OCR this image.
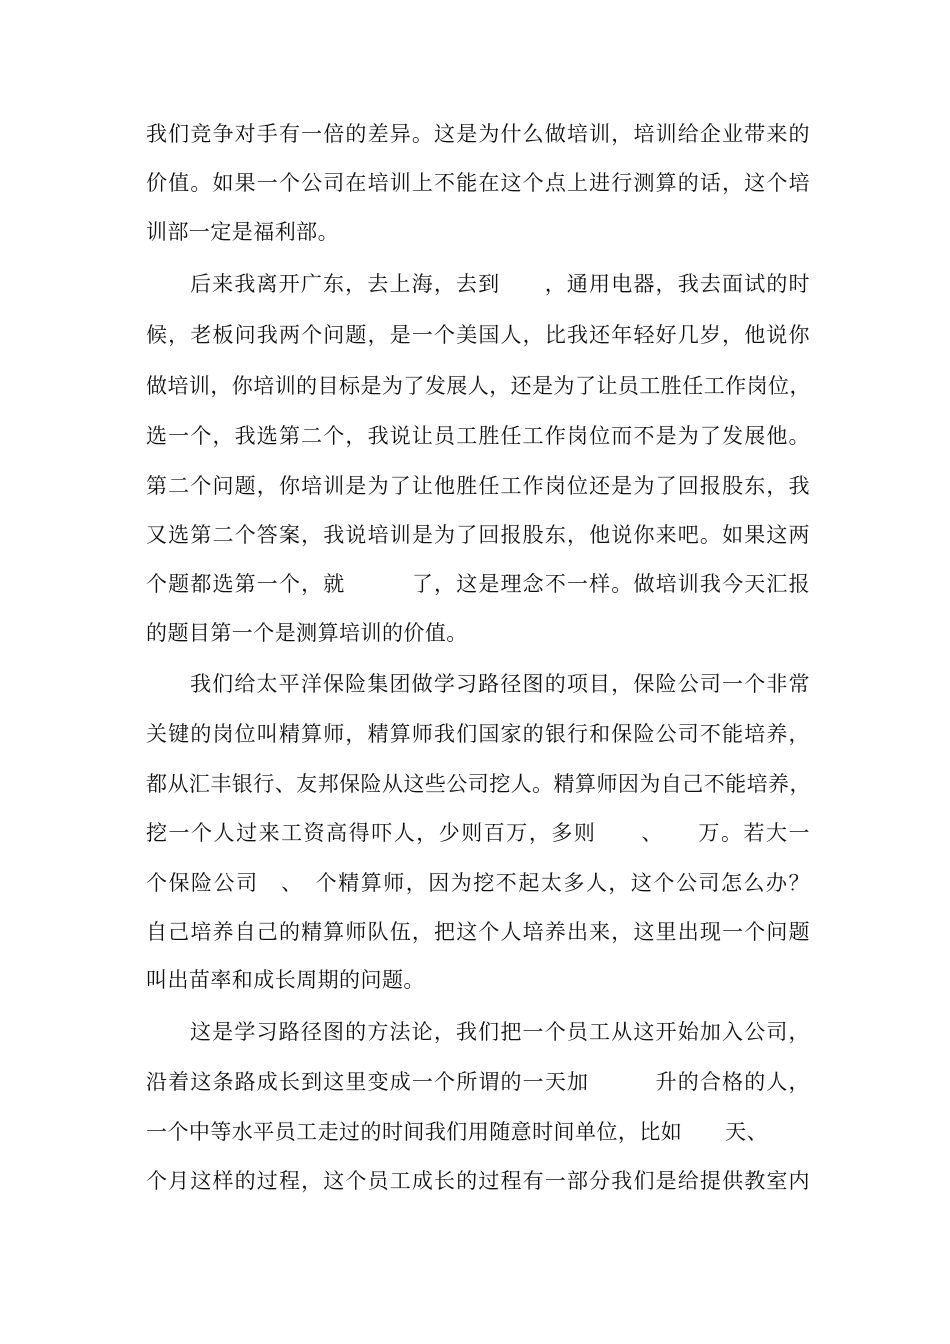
我们竞争对手有一倍的差异。这是为什么做培训，培训给企业带来的
价值。如果一个公司在培训上不能在这个点上进行测算的话，这个培
训部一定是福利部。
后来我离开广东，去上海，去到　　，通用电器，我去面试的时
候，老板问我两个问题，是一个美国人，比我还年轻好几岁，他说你
做培训，你培训的目标是为了发展人，还是为了让员工胜任工作岗位，
选一个，我选第二个，我说让员工胜任工作岗位而不是为了发展他。
第二个问题，你培训是为了让他胜任工作岗位还是为了回报股东，我
又选第二个答案，我说培训是为了回报股东，他说你来吧。如果这两
个题都选第一个，就　　　了，这是理念不一样。做培训我今天汇报
的题目第一个是测算培训的价值。
我们给太平洋保险集团做学习路径图的项目，保险公司一个非常
关键的岗位叫精算师，精算师我们国家的银行和保险公司不能培养，
都从汇丰银行、友邦保险从这些公司挖人。精算师因为自己不能培养，
挖一个人过来工资高得吓人，少则百万，多则　　、　　万。若大一
个保险公司　、　个精算师，因为挖不起太多人，这个公司怎么办？
自己培养自己的精算师队伍，把这个人培养出来，这里出现一个问题
叫出苗率和成长周期的问题。
这是学习路径图的方法论，我们把一个员工从这开始加入公司，
沿着这条路成长到这里变成一个所谓的一天加　　　升的合格的人，
一个中等水平员工走过的时间我们用随意时间单位，比如　　天、
个月这样的过程，这个员工成长的过程有一部分我们是给提供教室内
